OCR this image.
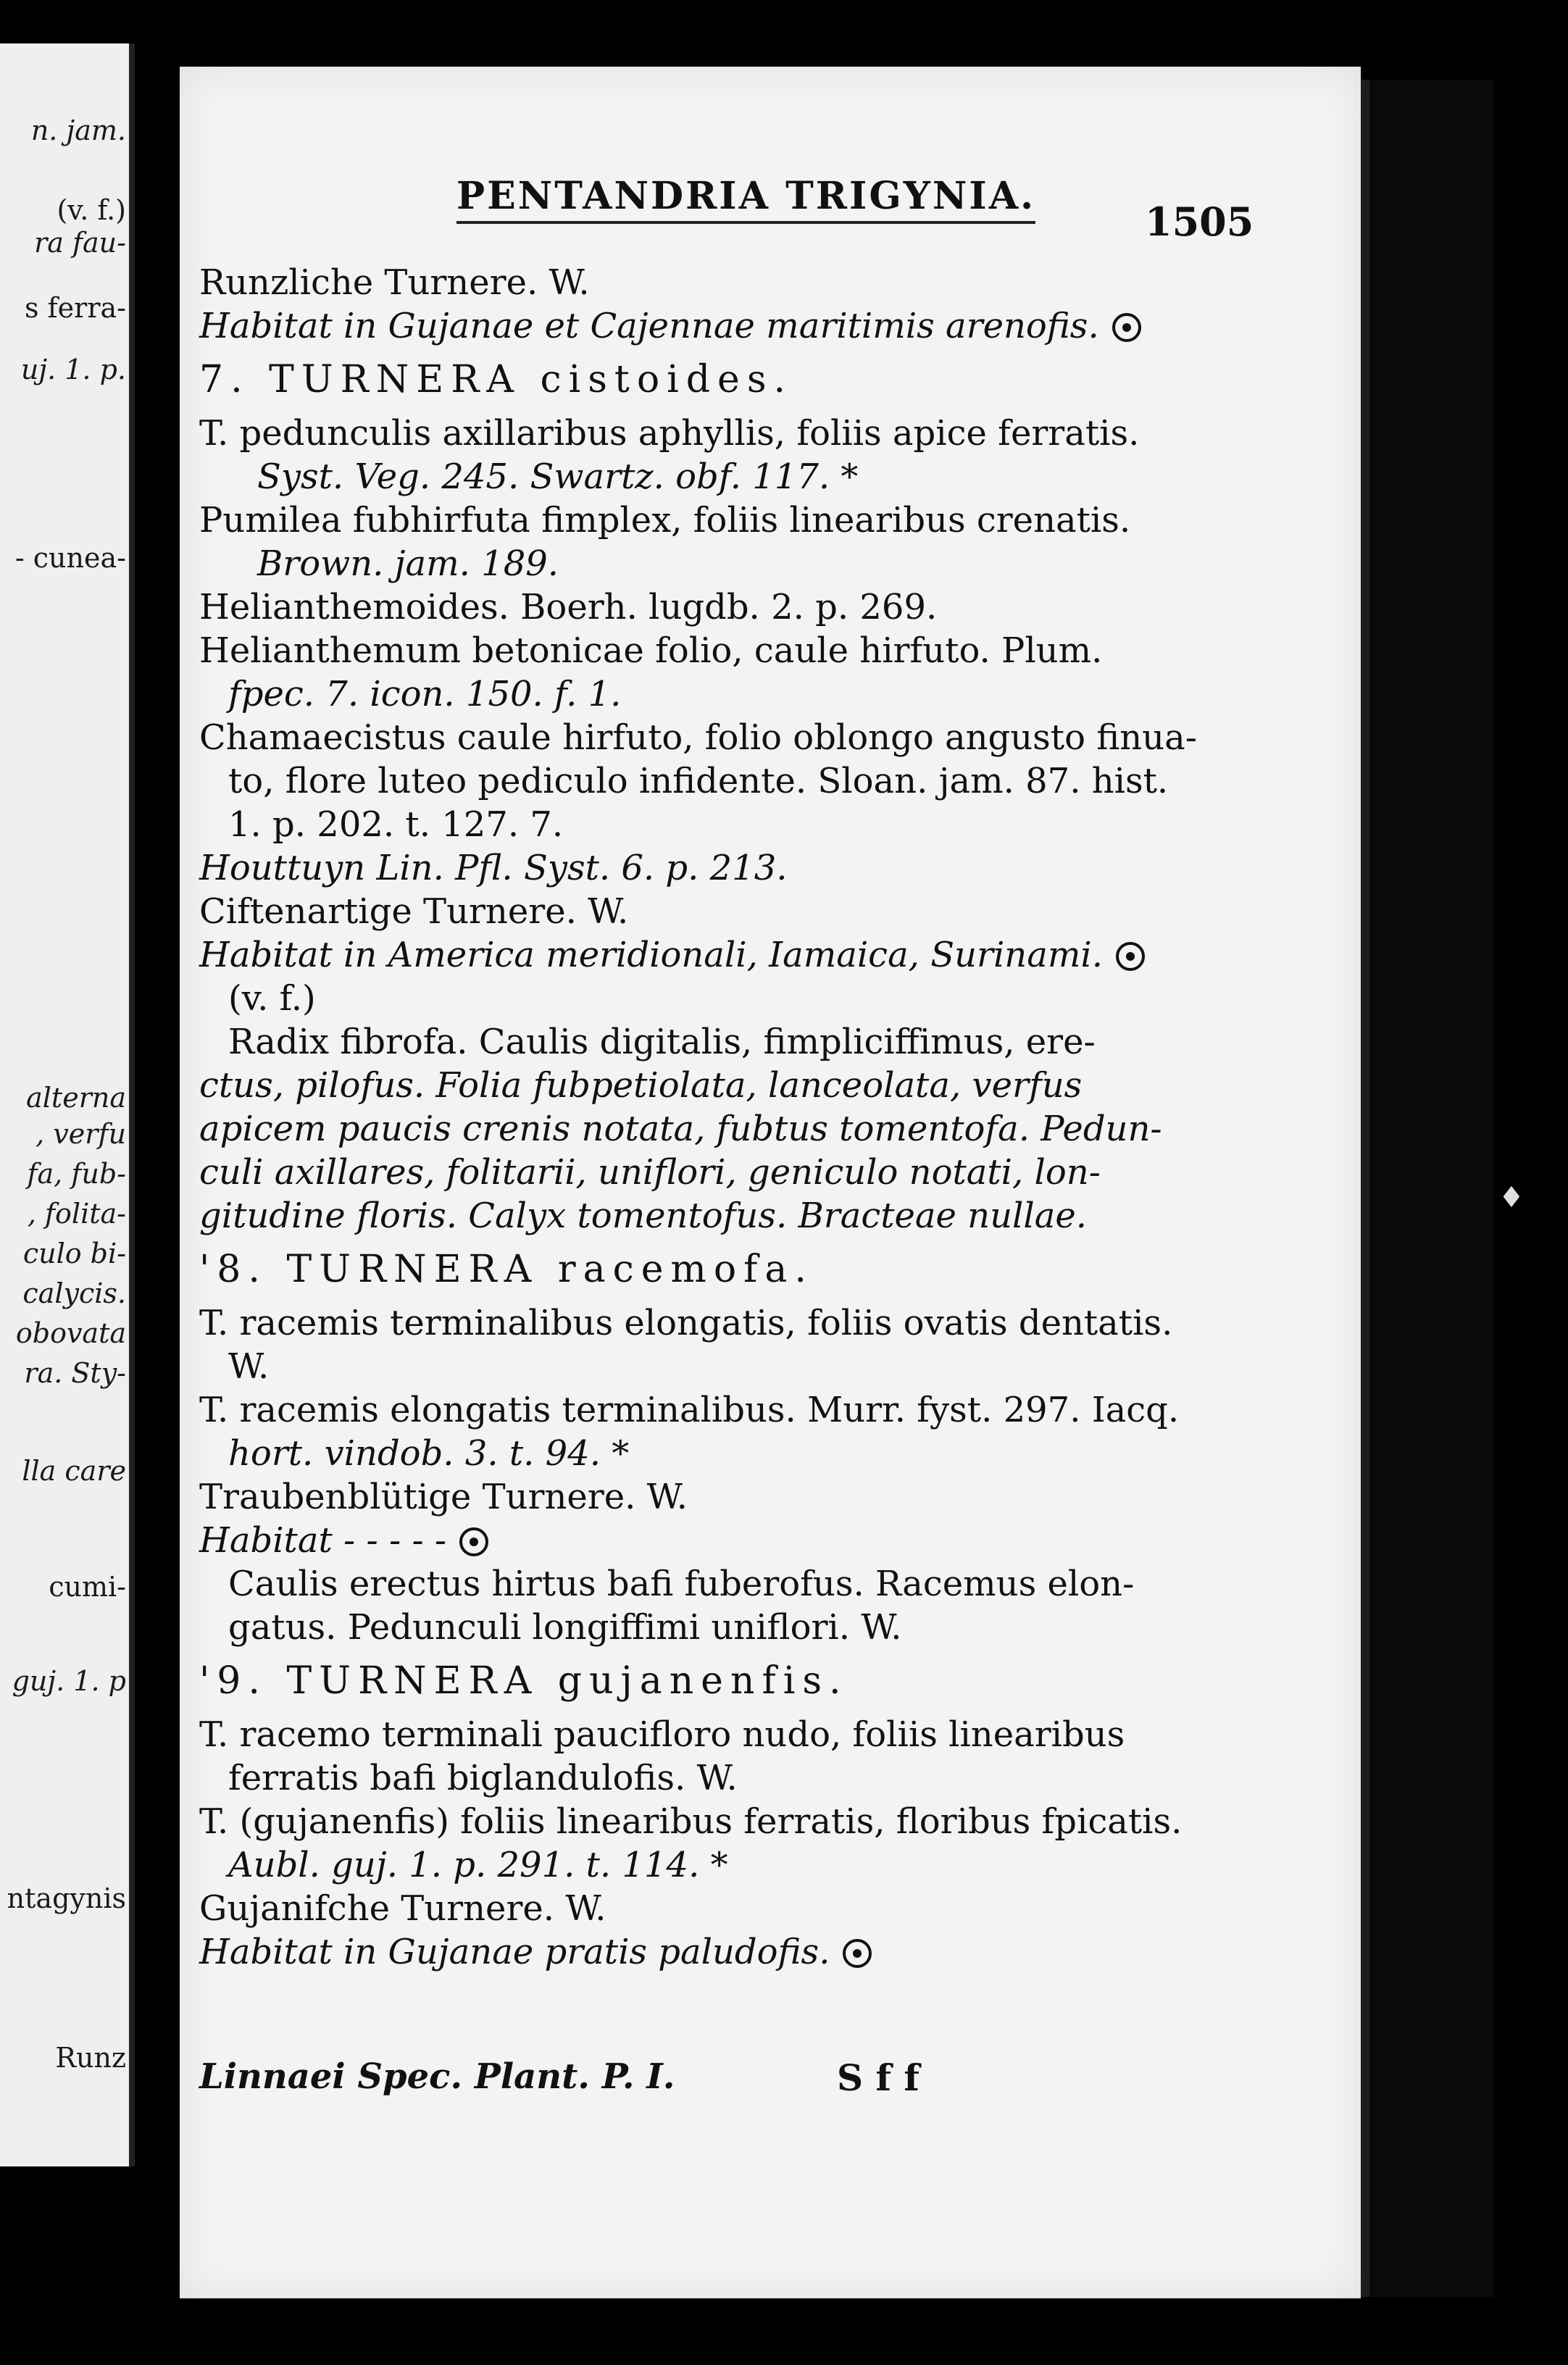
n. jam.
(v. f.)
ra fau-
s ferra-
uj. 1. p.
- cunea-
alterna
, verfu
fa, fub-
, folita-
culo bi-
calycis.
obovata
ra. Sty-
lla care
cumi-
guj. 1. p
ntagynis
Runz
♦
PENTANDRIA TRIGYNIA.
1505
Runzliche Turnere. W.
Habitat in Gujanae et Cajennae maritimis arenofis.
7. TURNERA cistoides.
T. pedunculis axillaribus aphyllis, foliis apice ferratis.
Syst. Veg. 245. Swartz. obf. 117. *
Pumilea fubhirfuta fimplex, foliis linearibus crenatis.
Brown. jam. 189.
Helianthemoides. Boerh. lugdb. 2. p. 269.
Helianthemum betonicae folio, caule hirfuto. Plum.
fpec. 7. icon. 150. f. 1.
Chamaecistus caule hirfuto, folio oblongo angusto finua-
to, flore luteo pediculo infidente. Sloan. jam. 87. hist.
1. p. 202. t. 127. 7.
Houttuyn Lin. Pfl. Syst. 6. p. 213.
Ciftenartige Turnere. W.
Habitat in America meridionali, Iamaica, Surinami.
(v. f.)
Radix fibrofa. Caulis digitalis, fimpliciffimus, ere-
ctus, pilofus. Folia fubpetiolata, lanceolata, verfus
apicem paucis crenis notata, fubtus tomentofa. Pedun-
culi axillares, folitarii, uniflori, geniculo notati, lon-
gitudine floris. Calyx tomentofus. Bracteae nullae.
'8. TURNERA racemofa.
T. racemis terminalibus elongatis, foliis ovatis dentatis.
W.
T. racemis elongatis terminalibus. Murr. fyst. 297. Iacq.
hort. vindob. 3. t. 94. *
Traubenblütige Turnere. W.
Habitat - - - - -
Caulis erectus hirtus bafi fuberofus. Racemus elon-
gatus. Pedunculi longiffimi uniflori. W.
'9. TURNERA gujanenfis.
T. racemo terminali paucifloro nudo, foliis linearibus
ferratis bafi biglandulofis. W.
T. (gujanenfis) foliis linearibus ferratis, floribus fpicatis.
Aubl. guj. 1. p. 291. t. 114. *
Gujanifche Turnere. W.
Habitat in Gujanae pratis paludofis.
Linnaei Spec. Plant. P. I.	S f f
